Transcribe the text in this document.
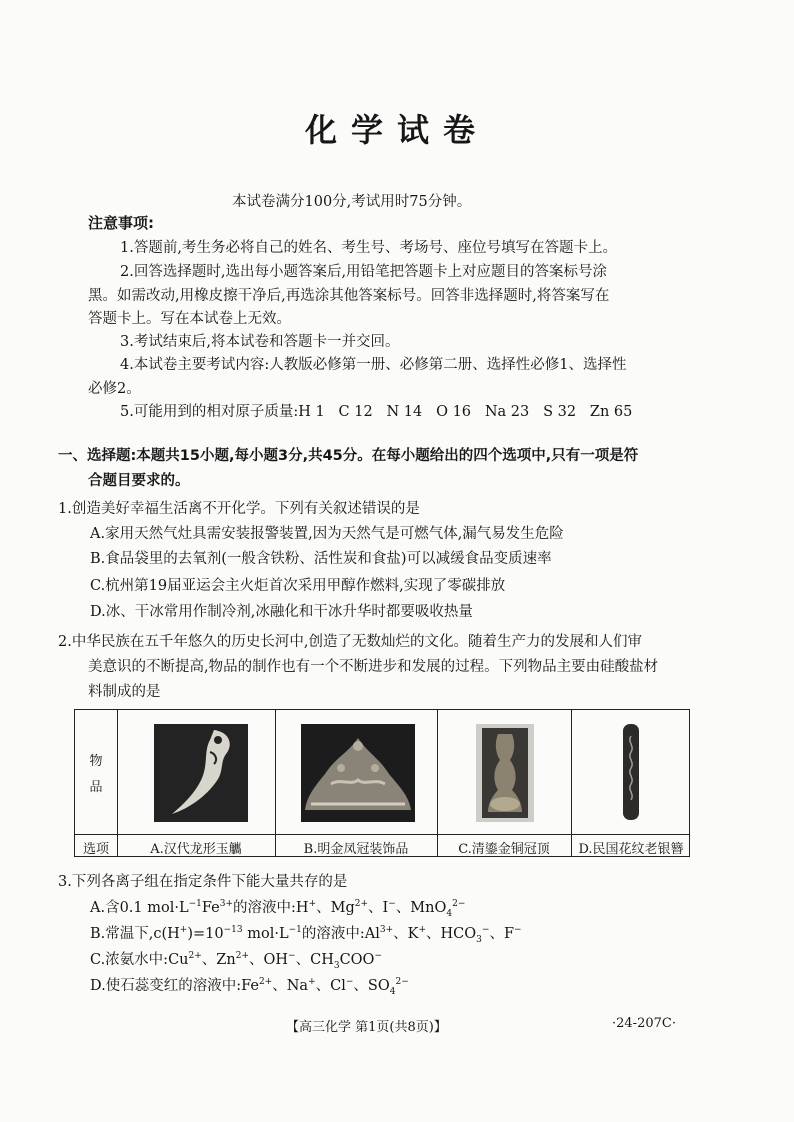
化学试卷
本试卷满分100分,考试用时75分钟。
注意事项:
1.答题前,考生务必将自己的姓名、考生号、考场号、座位号填写在答题卡上。
2.回答选择题时,选出每小题答案后,用铅笔把答题卡上对应题目的答案标号涂
黑。如需改动,用橡皮擦干净后,再选涂其他答案标号。回答非选择题时,将答案写在
答题卡上。写在本试卷上无效。
3.考试结束后,将本试卷和答题卡一并交回。
4.本试卷主要考试内容:人教版必修第一册、必修第二册、选择性必修1、选择性
必修2。
5.可能用到的相对原子质量:H 1   C 12   N 14   O 16   Na 23   S 32   Zn 65
一、选择题:本题共15小题,每小题3分,共45分。在每小题给出的四个选项中,只有一项是符
合题目要求的。
1.创造美好幸福生活离不开化学。下列有关叙述错误的是
A.家用天然气灶具需安装报警装置,因为天然气是可燃气体,漏气易发生危险
B.食品袋里的去氧剂(一般含铁粉、活性炭和食盐)可以减缓食品变质速率
C.杭州第19届亚运会主火炬首次采用甲醇作燃料,实现了零碳排放
D.冰、干冰常用作制冷剂,冰融化和干冰升华时都要吸收热量
2.中华民族在五千年悠久的历史长河中,创造了无数灿烂的文化。随着生产力的发展和人们审
美意识的不断提高,物品的制作也有一个不断进步和发展的过程。下列物品主要由硅酸盐材
料制成的是
物
品
选项	A.汉代龙形玉觿	B.明金凤冠装饰品	C.清鎏金铜冠顶	D.民国花纹老银簪
3.下列各离子组在指定条件下能大量共存的是
A.含0.1 $mol\cdot L^{-1}Fe^{3+}$的溶液中:H+、$Mg^{2+}$、I−、MnO$_4^{2-}$
B.常温下$,c(H^+)=10^{-13}$ $mol\cdot L^{-1}$的溶液中$:Al^{3+}$、K+、$HCO_3^-$、F−
C.浓氨水中$:Cu^{2+}$、$Zn^{2+}$、OH−、$CH_3COO^-$
D.使石蕊变红的溶液中$:Fe^{2+}$、Na+、Cl−、$SO_4^{2-}$
【高三化学 第1页(共8页)】	·24-207C·
